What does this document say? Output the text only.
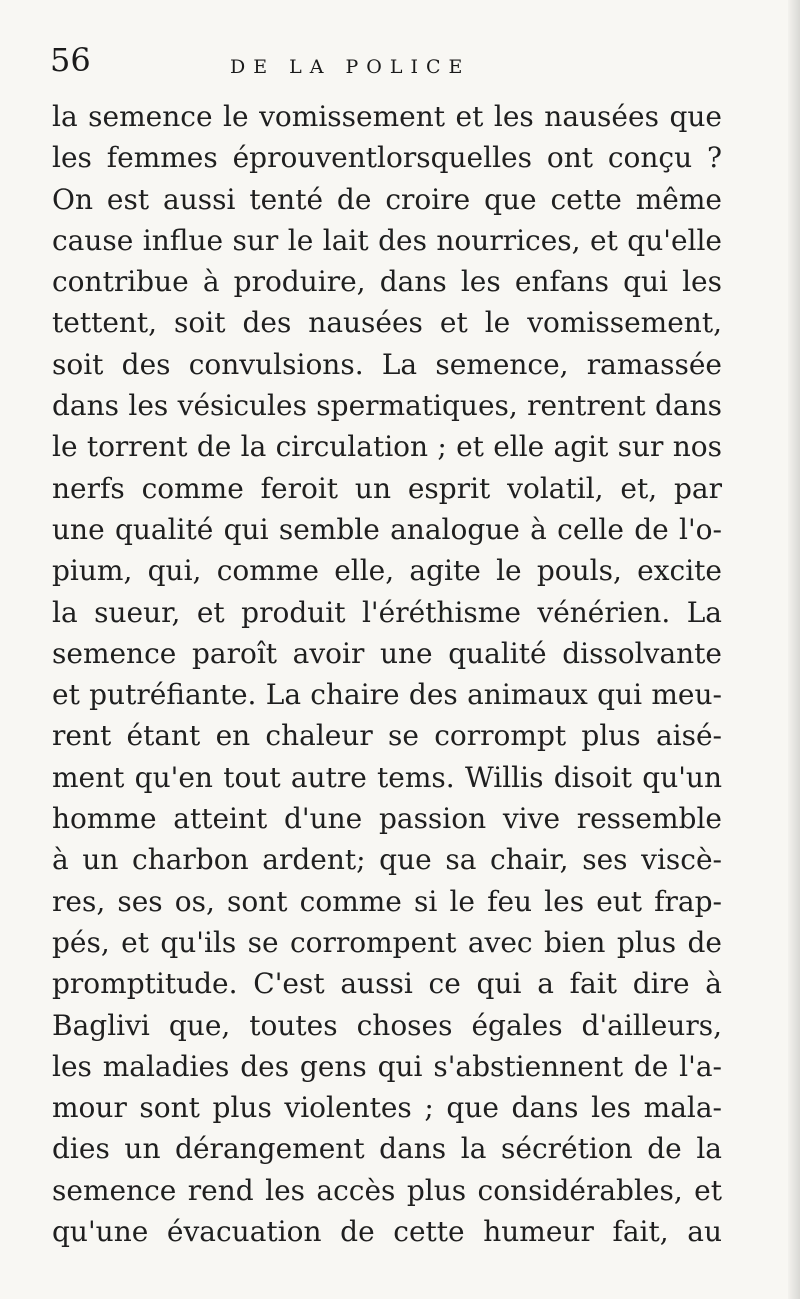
56	DE LA POLICE
la semence le vomissement et les nausées que
les femmes éprouventlorsquelles ont conçu ?
On est aussi tenté de croire que cette même
cause influe sur le lait des nourrices, et qu'elle
contribue à produire, dans les enfans qui les
tettent, soit des nausées et le vomissement,
soit des convulsions. La semence, ramassée
dans les vésicules spermatiques, rentrent dans
le torrent de la circulation ; et elle agit sur nos
nerfs comme feroit un esprit volatil, et, par
une qualité qui semble analogue à celle de l'o-
pium, qui, comme elle, agite le pouls, excite
la sueur, et produit l'éréthisme vénérien. La
semence paroît avoir une qualité dissolvante
et putréfiante. La chaire des animaux qui meu-
rent étant en chaleur se corrompt plus aisé-
ment qu'en tout autre tems. Willis disoit qu'un
homme atteint d'une passion vive ressemble
à un charbon ardent; que sa chair, ses viscè-
res, ses os, sont comme si le feu les eut frap-
pés, et qu'ils se corrompent avec bien plus de
promptitude. C'est aussi ce qui a fait dire à
Baglivi que, toutes choses égales d'ailleurs,
les maladies des gens qui s'abstiennent de l'a-
mour sont plus violentes ; que dans les mala-
dies un dérangement dans la sécrétion de la
semence rend les accès plus considérables, et
qu'une évacuation de cette humeur fait, au
